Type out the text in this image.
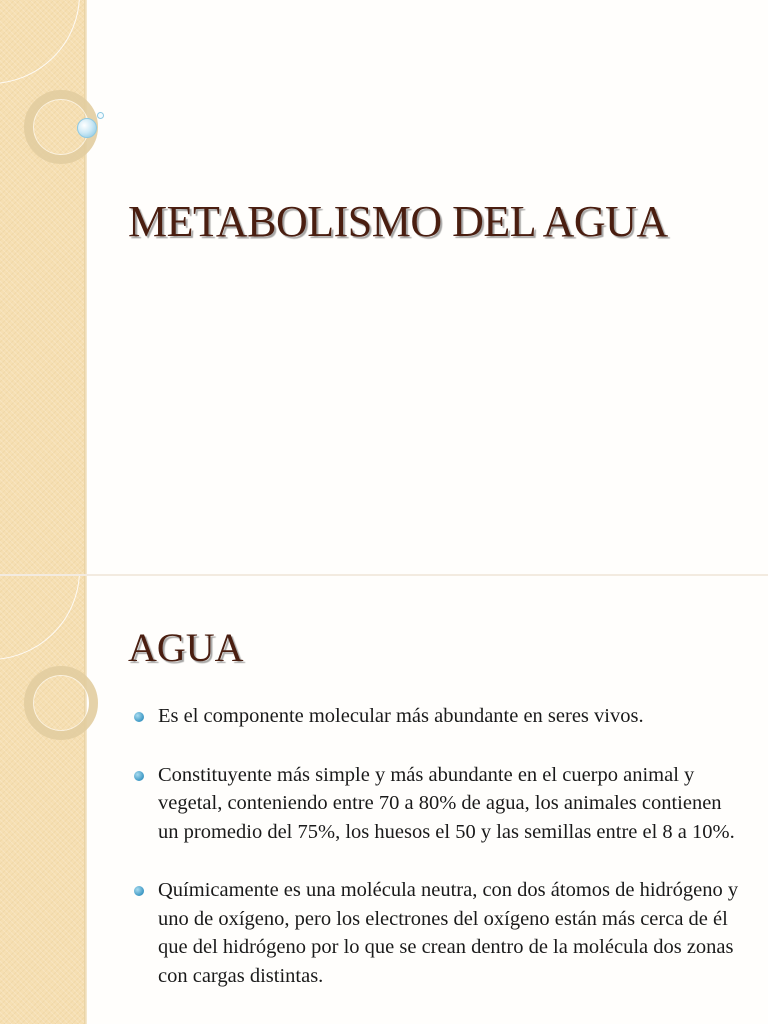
METABOLISMO DEL AGUA
AGUA
Es el componente molecular más abundante en seres vivos.
Constituyente más simple y más abundante en el cuerpo animal y vegetal, conteniendo entre 70 a 80% de agua, los animales contienen un promedio del 75%, los huesos el 50 y las semillas entre el 8 a 10%.
Químicamente es una molécula neutra, con dos átomos de hidrógeno y uno de oxígeno, pero los electrones del oxígeno están más cerca de él que del hidrógeno por lo que se crean dentro de la molécula dos zonas con cargas distintas.
